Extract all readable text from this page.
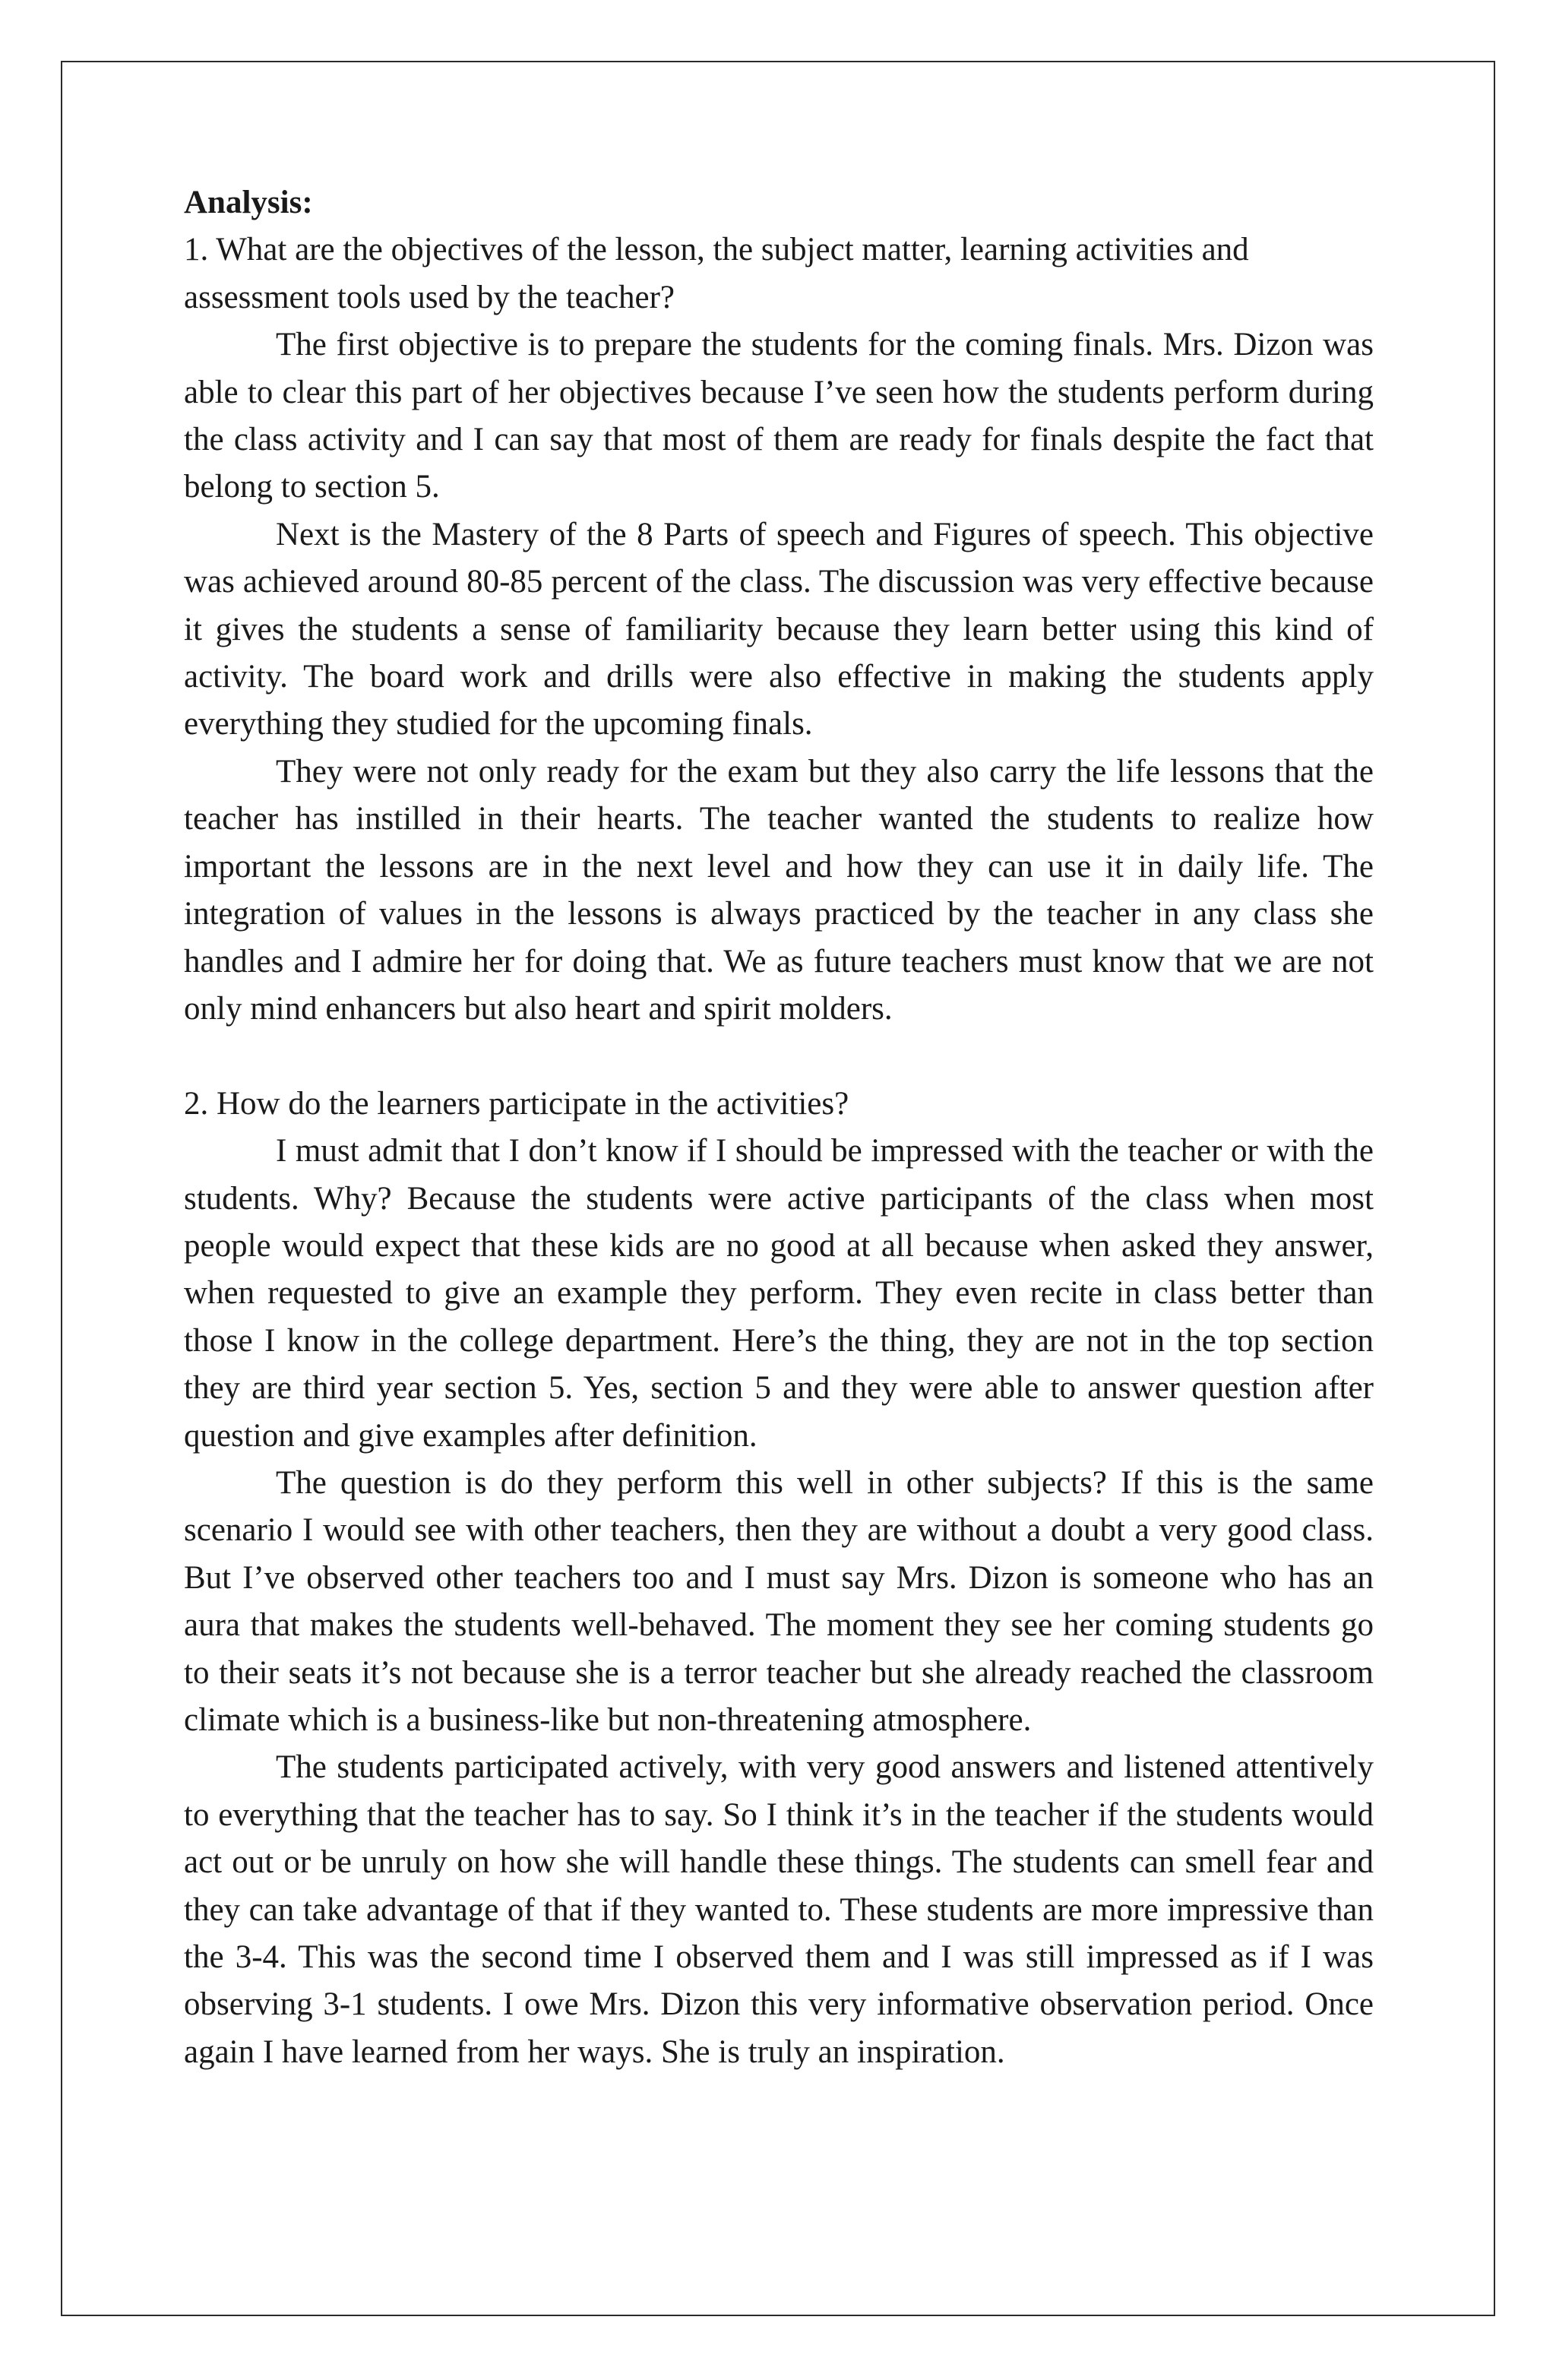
Analysis:

1. What are the objectives of the lesson, the subject matter, learning activities and assessment tools used by the teacher?

The first objective is to prepare the students for the coming finals. Mrs. Dizon was able to clear this part of her objectives because I’ve seen how the students perform during the class activity and I can say that most of them are ready for finals despite the fact that belong to section 5.

Next is the Mastery of the 8 Parts of speech and Figures of speech. This objective was achieved around 80-85 percent of the class. The discussion was very effective because it gives the students a sense of familiarity because they learn better using this kind of activity. The board work and drills were also effective in making the students apply everything they studied for the upcoming finals.

They were not only ready for the exam but they also carry the life lessons that the teacher has instilled in their hearts. The teacher wanted the students to realize how important the lessons are in the next level and how they can use it in daily life. The integration of values in the lessons is always practiced by the teacher in any class she handles and I admire her for doing that. We as future teachers must know that we are not only mind enhancers but also heart and spirit molders.

2. How do the learners participate in the activities?

I must admit that I don’t know if I should be impressed with the teacher or with the students. Why? Because the students were active participants of the class when most people would expect that these kids are no good at all because when asked they answer, when requested to give an example they perform. They even recite in class better than those I know in the college department. Here’s the thing, they are not in the top section they are third year section 5. Yes, section 5 and they were able to answer question after question and give examples after definition.

The question is do they perform this well in other subjects? If this is the same scenario I would see with other teachers, then they are without a doubt a very good class. But I’ve observed other teachers too and I must say Mrs. Dizon is someone who has an aura that makes the students well-behaved. The moment they see her coming students go to their seats it’s not because she is a terror teacher but she already reached the classroom climate which is a business-like but non-threatening atmosphere.

The students participated actively, with very good answers and listened attentively to everything that the teacher has to say. So I think it’s in the teacher if the students would act out or be unruly on how she will handle these things. The students can smell fear and they can take advantage of that if they wanted to. These students are more impressive than the 3-4. This was the second time I observed them and I was still impressed as if I was observing 3-1 students. I owe Mrs. Dizon this very informative observation period. Once again I have learned from her ways. She is truly an inspiration.
